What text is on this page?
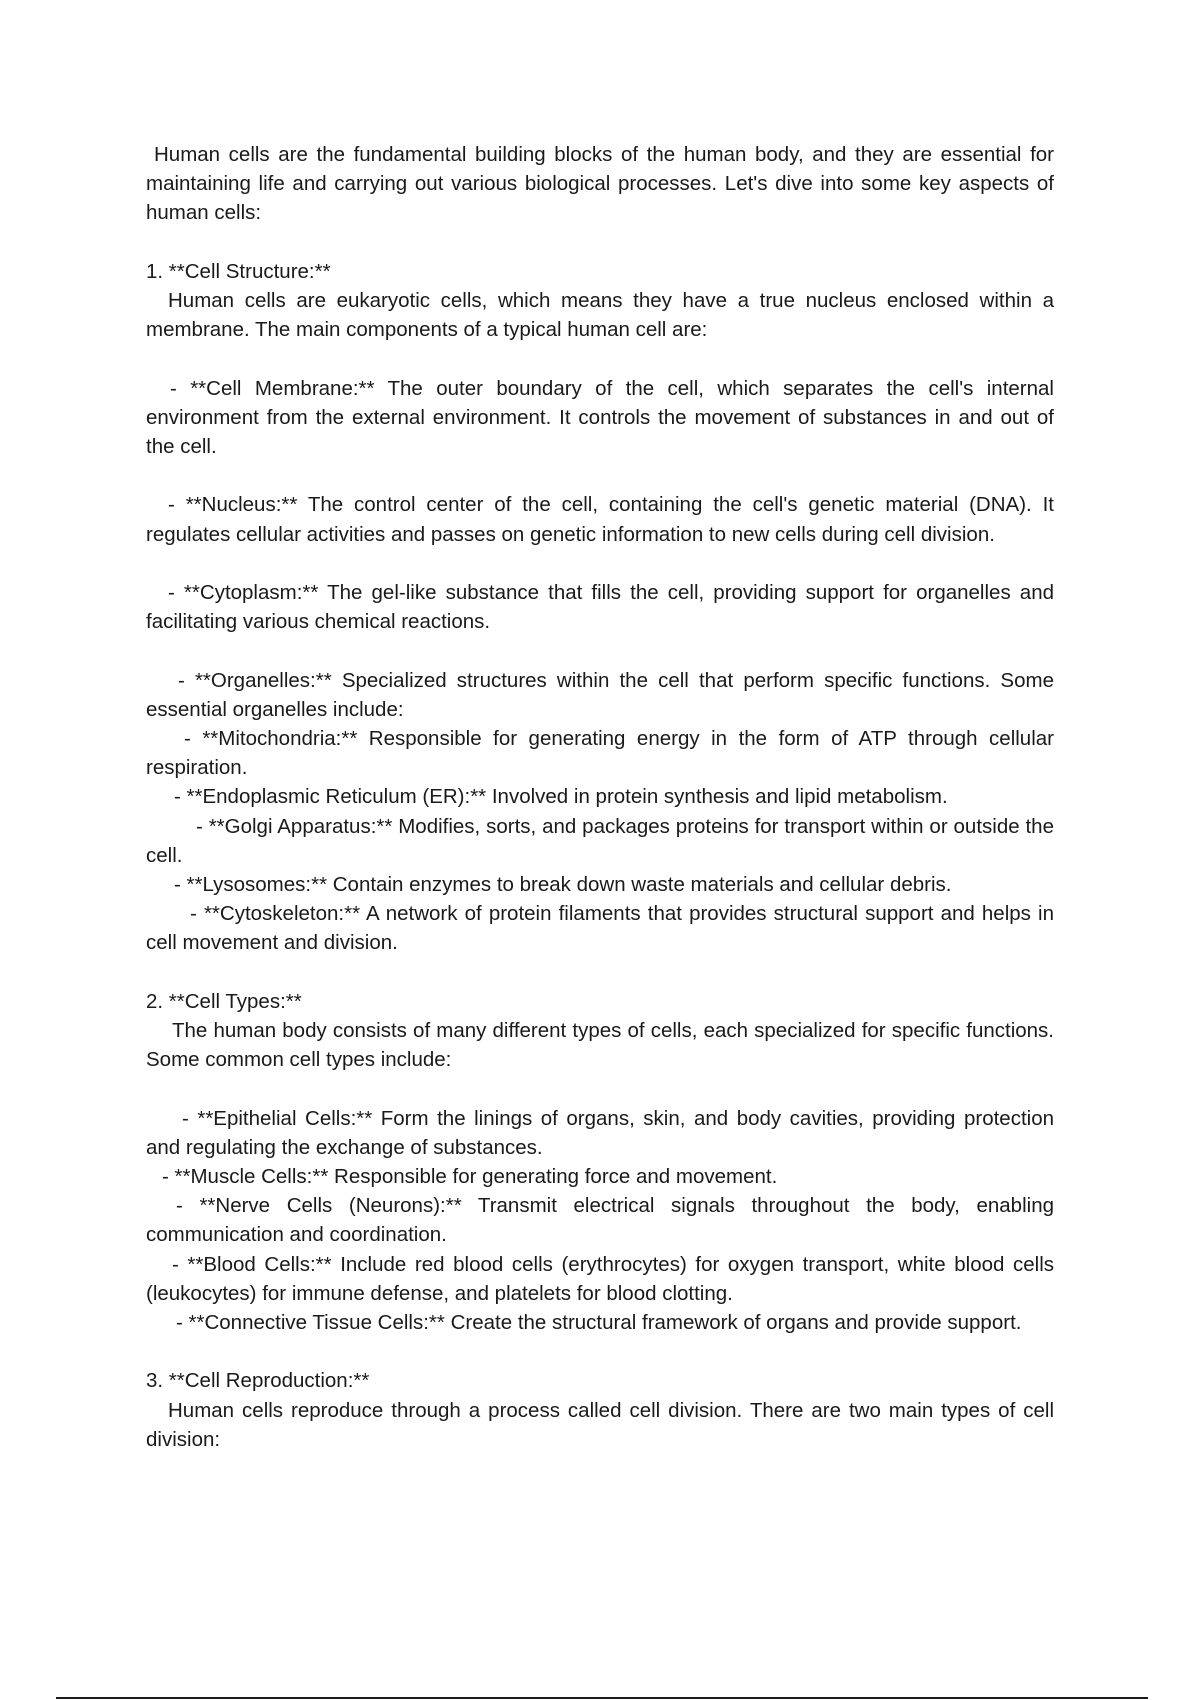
Human cells are the fundamental building blocks of the human body, and they are essential for maintaining life and carrying out various biological processes. Let's dive into some key aspects of human cells:

1. **Cell Structure:**

Human cells are eukaryotic cells, which means they have a true nucleus enclosed within a membrane. The main components of a typical human cell are:

- **Cell Membrane:** The outer boundary of the cell, which separates the cell's internal environment from the external environment. It controls the movement of substances in and out of the cell.

- **Nucleus:** The control center of the cell, containing the cell's genetic material (DNA). It regulates cellular activities and passes on genetic information to new cells during cell division.

- **Cytoplasm:** The gel-like substance that fills the cell, providing support for organelles and facilitating various chemical reactions.

- **Organelles:** Specialized structures within the cell that perform specific functions. Some essential organelles include:

- **Mitochondria:** Responsible for generating energy in the form of ATP through cellular respiration.

- **Endoplasmic Reticulum (ER):** Involved in protein synthesis and lipid metabolism.

- **Golgi Apparatus:** Modifies, sorts, and packages proteins for transport within or outside the cell.

- **Lysosomes:** Contain enzymes to break down waste materials and cellular debris.

- **Cytoskeleton:** A network of protein filaments that provides structural support and helps in cell movement and division.

2. **Cell Types:**

The human body consists of many different types of cells, each specialized for specific functions. Some common cell types include:

- **Epithelial Cells:** Form the linings of organs, skin, and body cavities, providing protection and regulating the exchange of substances.

- **Muscle Cells:** Responsible for generating force and movement.

- **Nerve Cells (Neurons):** Transmit electrical signals throughout the body, enabling communication and coordination.

- **Blood Cells:** Include red blood cells (erythrocytes) for oxygen transport, white blood cells (leukocytes) for immune defense, and platelets for blood clotting.

- **Connective Tissue Cells:** Create the structural framework of organs and provide support.

3. **Cell Reproduction:**

Human cells reproduce through a process called cell division. There are two main types of cell division:
